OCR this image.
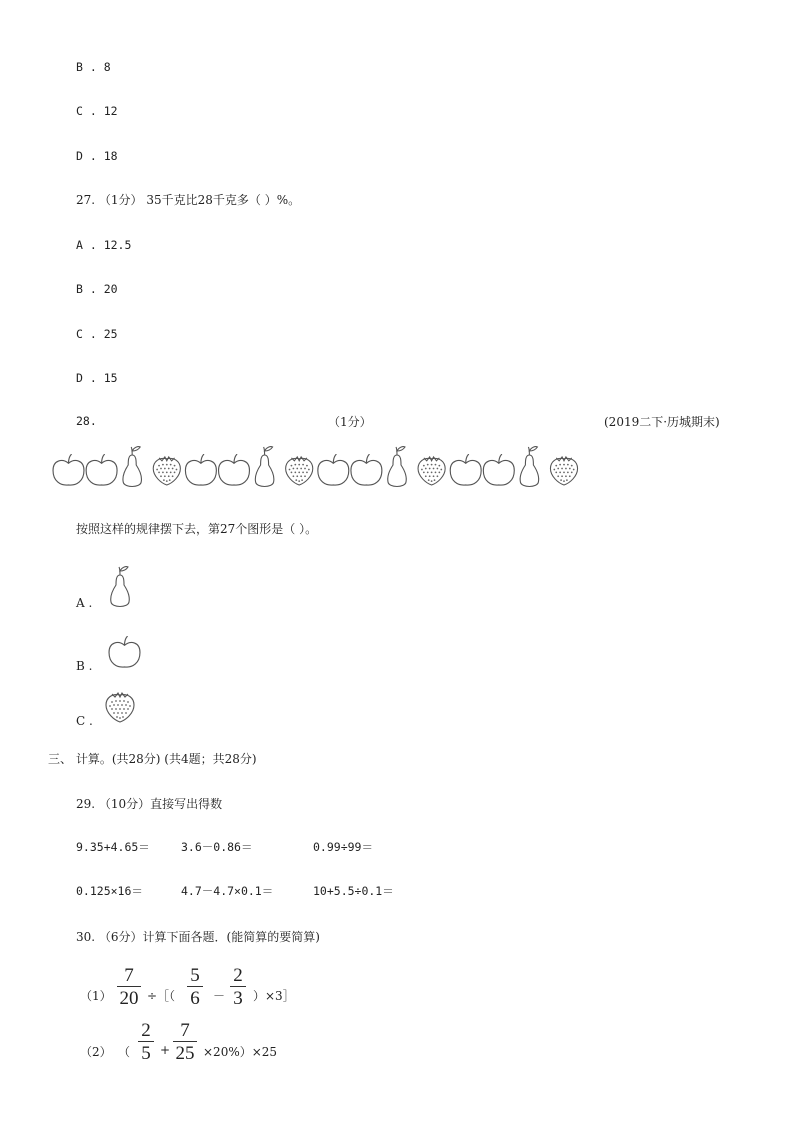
B . 8
C . 12
D . 18
27. （1分） 35千克比28千克多（ ）%。
A . 12.5
B . 20
C . 25
D . 15
28.	（1分）	(2019二下·历城期末)
按照这样的规律摆下去，第27个图形是（ ）。
A .
B .
C .
三、 计算。(共28分) (共4题；共28分)
29. （10分）直接写出得数
9.35+4.65＝	3.6－0.86＝	0.99÷99＝
0.125×16＝	4.7－4.7×0.1＝	10+5.5÷0.1＝
30. （6分）计算下面各题．(能简算的要简算)
（1）
7
20 ÷［（
5
6 －
2
3 ）×3］
（2） （
2
5 +
7
25 ×20%）×25
